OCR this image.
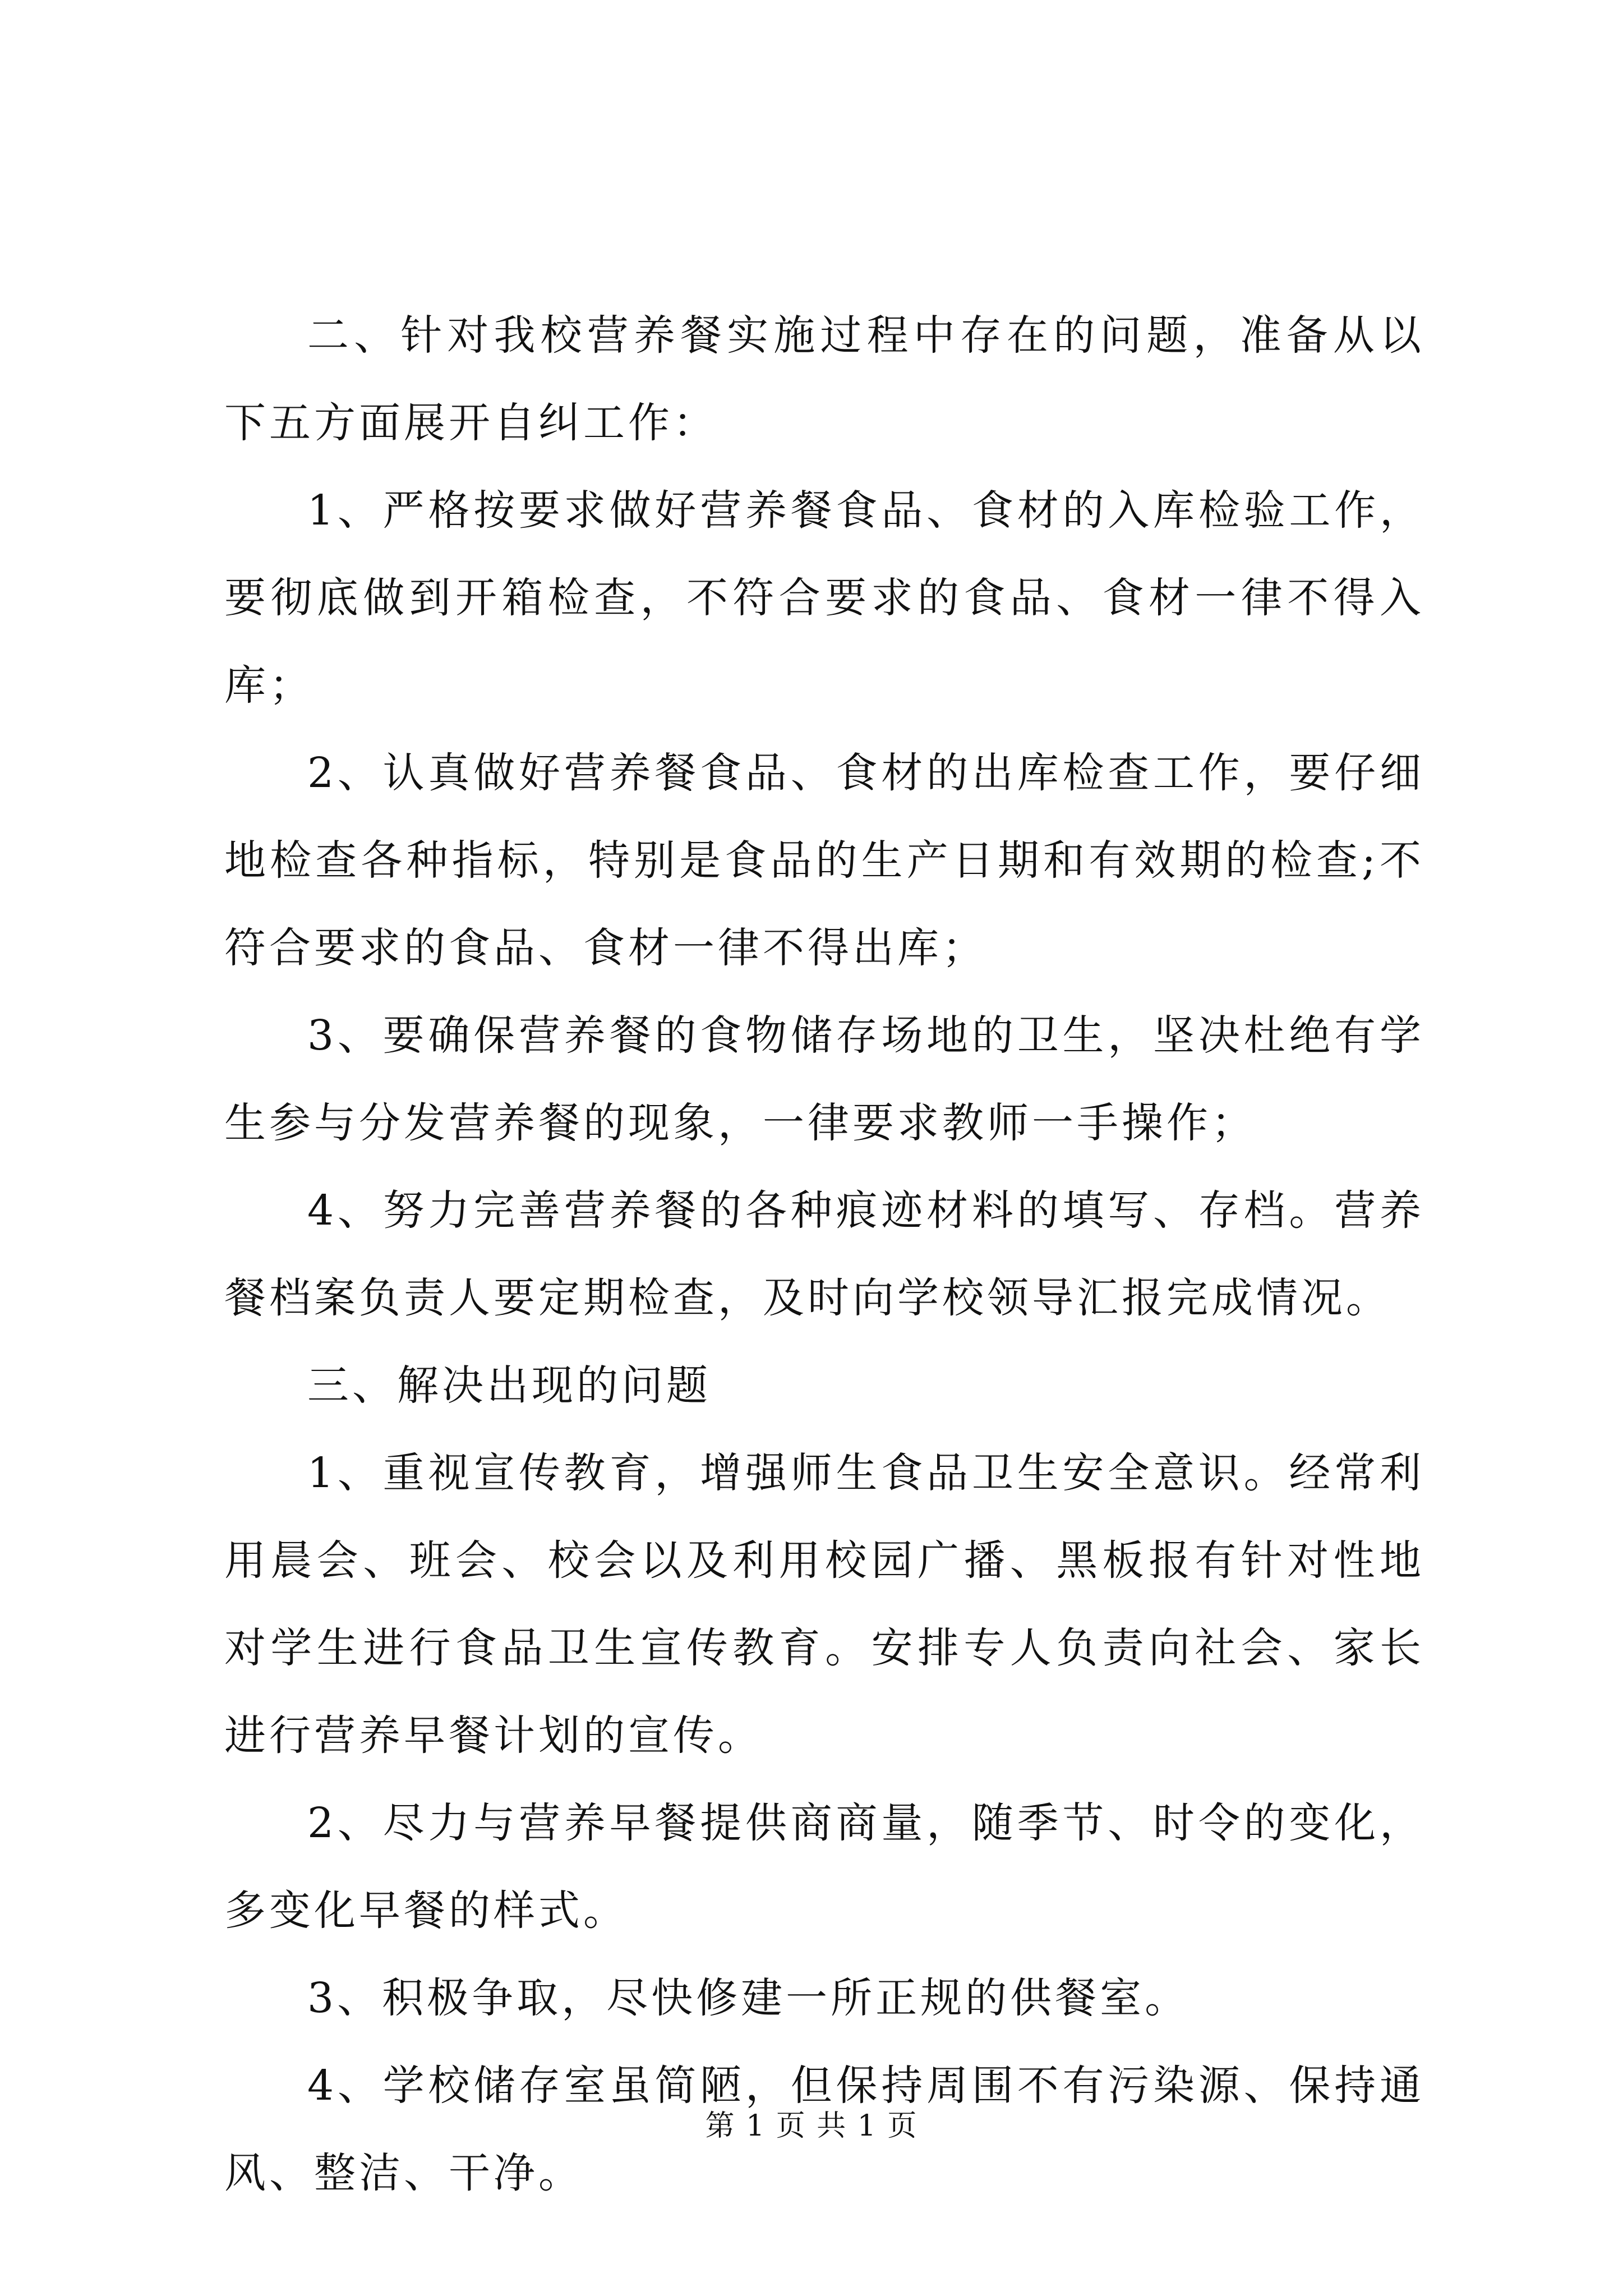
二、针对我校营养餐实施过程中存在的问题，准备从以下五方面展开自纠工作：

1、严格按要求做好营养餐食品、食材的入库检验工作，要彻底做到开箱检查，不符合要求的食品、食材一律不得入库；

2、认真做好营养餐食品、食材的出库检查工作，要仔细地检查各种指标，特别是食品的生产日期和有效期的检查;不符合要求的食品、食材一律不得出库；

3、要确保营养餐的食物储存场地的卫生，坚决杜绝有学生参与分发营养餐的现象，一律要求教师一手操作；

4、努力完善营养餐的各种痕迹材料的填写、存档。营养餐档案负责人要定期检查，及时向学校领导汇报完成情况。

三、解决出现的问题

1、重视宣传教育，增强师生食品卫生安全意识。经常利用晨会、班会、校会以及利用校园广播、黑板报有针对性地对学生进行食品卫生宣传教育。安排专人负责向社会、家长进行营养早餐计划的宣传。

2、尽力与营养早餐提供商商量，随季节、时令的变化，多变化早餐的样式。

3、积极争取，尽快修建一所正规的供餐室。

4、学校储存室虽简陋，但保持周围不有污染源、保持通风、整洁、干净。

第 1 页 共 1 页
